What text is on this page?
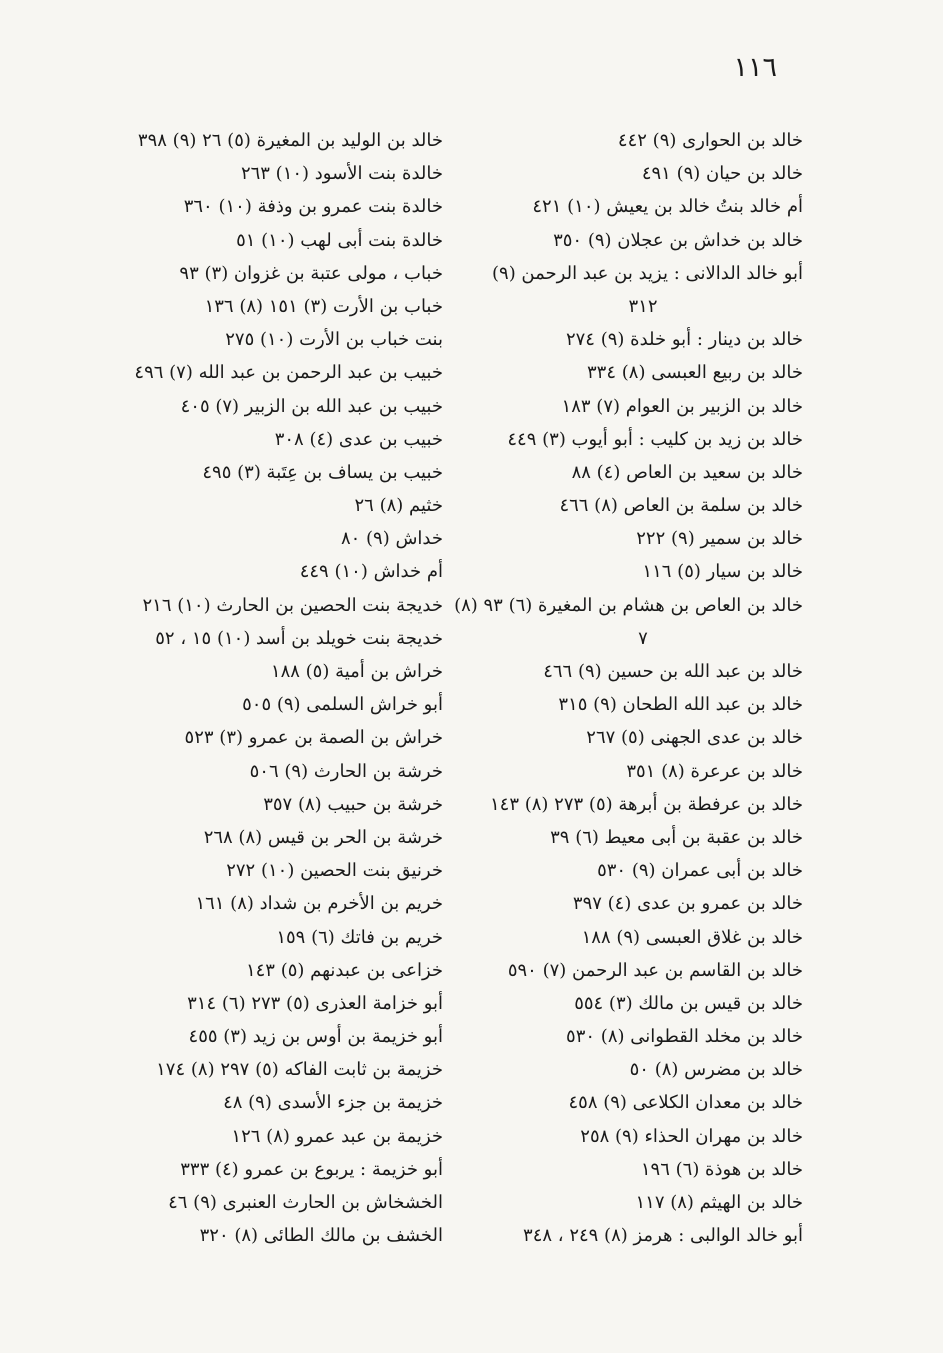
١١٦
خالد بن الحوارى (٩) ٤٤٢
خالد بن حيان (٩) ٤٩١
أم خالد بنتُ خالد بن يعيش (١٠) ٤٢١
خالد بن خداش بن عجلان (٩) ٣٥٠
أبو خالد الدالانى : يزيد بن عبد الرحمن (٩)
٣١٢
خالد بن دينار : أبو خلدة (٩) ٢٧٤
خالد بن ربيع العبسى (٨) ٣٣٤
خالد بن الزبير بن العوام (٧) ١٨٣
خالد بن زيد بن كليب : أبو أيوب (٣) ٤٤٩
خالد بن سعيد بن العاص (٤) ٨٨
خالد بن سلمة بن العاص (٨) ٤٦٦
خالد بن سمير (٩) ٢٢٢
خالد بن سيار (٥) ١١٦
خالد بن العاص بن هشام بن المغيرة (٦) ٩٣ (٨)
٧
خالد بن عبد الله بن حسين (٩) ٤٦٦
خالد بن عبد الله الطحان (٩) ٣١٥
خالد بن عدى الجهنى (٥) ٢٦٧
خالد بن عرعرة (٨) ٣٥١
خالد بن عرفطة بن أبرهة (٥) ٢٧٣ (٨) ١٤٣
خالد بن عقبة بن أبى معيط (٦) ٣٩
خالد بن أبى عمران (٩) ٥٣٠
خالد بن عمرو بن عدى (٤) ٣٩٧
خالد بن غلاق العبسى (٩) ١٨٨
خالد بن القاسم بن عبد الرحمن (٧) ٥٩٠
خالد بن قيس بن مالك (٣) ٥٥٤
خالد بن مخلد القطوانى (٨) ٥٣٠
خالد بن مضرس (٨) ٥٠
خالد بن معدان الكلاعى (٩) ٤٥٨
خالد بن مهران الحذاء (٩) ٢٥٨
خالد بن هوذة (٦) ١٩٦
خالد بن الهيثم (٨) ١١٧
أبو خالد الوالبى : هرمز (٨) ٢٤٩ ، ٣٤٨
خالد بن الوليد بن المغيرة (٥) ٢٦ (٩) ٣٩٨
خالدة بنت الأسود (١٠) ٢٦٣
خالدة بنت عمرو بن وذفة (١٠) ٣٦٠
خالدة بنت أبى لهب (١٠) ٥١
خباب ، مولى عتبة بن غزوان (٣) ٩٣
خباب بن الأرت (٣) ١٥١ (٨) ١٣٦
بنت خباب بن الأرت (١٠) ٢٧٥
خبيب بن عبد الرحمن بن عبد الله (٧) ٤٩٦
خبيب بن عبد الله بن الزبير (٧) ٤٠٥
خبيب بن عدى (٤) ٣٠٨
خبيب بن يساف بن عِتَبة (٣) ٤٩٥
خثيم (٨) ٢٦
خداش (٩) ٨٠
أم خداش (١٠) ٤٤٩
خديجة بنت الحصين بن الحارث (١٠) ٢١٦
خديجة بنت خويلد بن أسد (١٠) ١٥ ، ٥٢
خراش بن أمية (٥) ١٨٨
أبو خراش السلمى (٩) ٥٠٥
خراش بن الصمة بن عمرو (٣) ٥٢٣
خرشة بن الحارث (٩) ٥٠٦
خرشة بن حبيب (٨) ٣٥٧
خرشة بن الحر بن قيس (٨) ٢٦٨
خرنيق بنت الحصين (١٠) ٢٧٢
خريم بن الأخرم بن شداد (٨) ١٦١
خريم بن فاتك (٦) ١٥٩
خزاعى بن عبدنهم (٥) ١٤٣
أبو خزامة العذرى (٥) ٢٧٣ (٦) ٣١٤
أبو خزيمة بن أوس بن زيد (٣) ٤٥٥
خزيمة بن ثابت الفاكه (٥) ٢٩٧ (٨) ١٧٤
خزيمة بن جزء الأسدى (٩) ٤٨
خزيمة بن عبد عمرو (٨) ١٢٦
أبو خزيمة : يربوع بن عمرو (٤) ٣٣٣
الخشخاش بن الحارث العنبرى (٩) ٤٦
الخشف بن مالك الطائى (٨) ٣٢٠
